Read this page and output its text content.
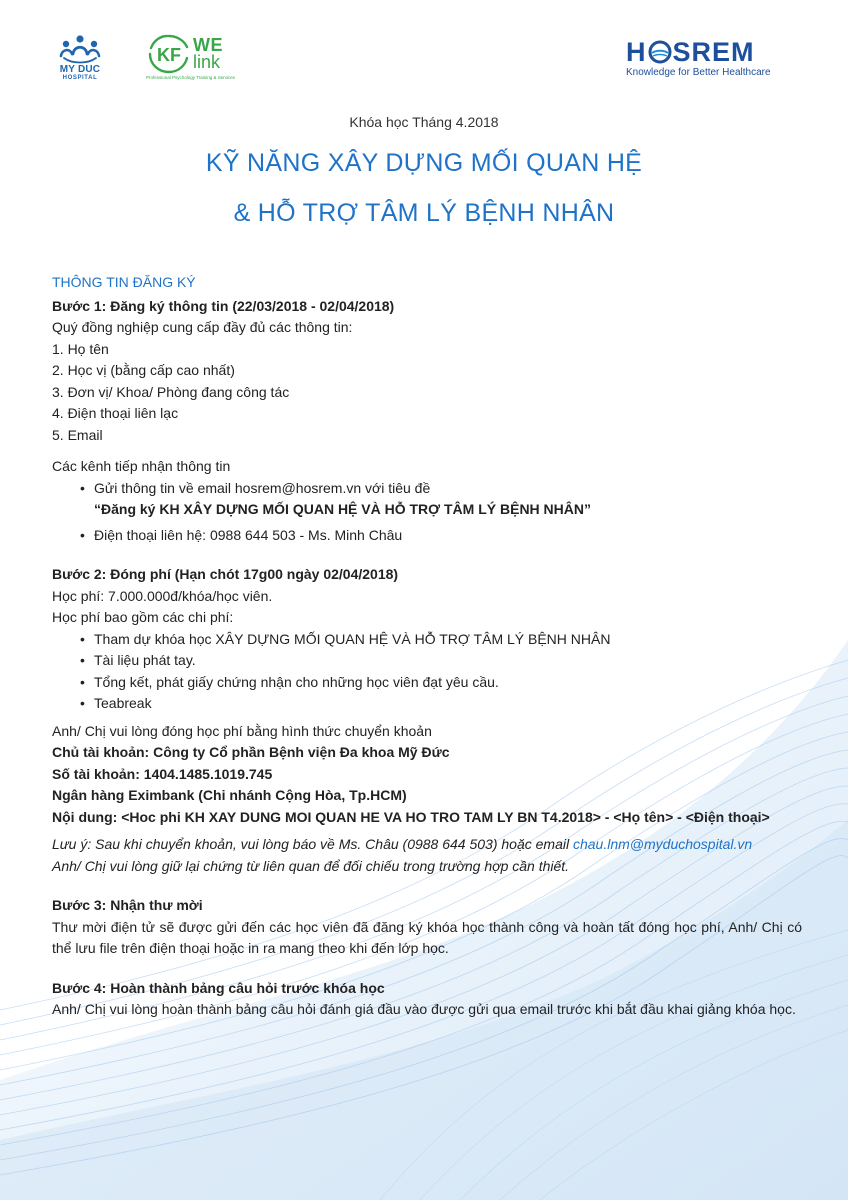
MY DUC
HOSPITAL
KF WE
link
Professional Psychology Training & Services
H SREM
Knowledge for Better Healthcare
Khóa học Tháng 4.2018
KỸ NĂNG XÂY DỰNG MỐI QUAN HỆ
& HỖ TRỢ TÂM LÝ BỆNH NHÂN
THÔNG TIN ĐĂNG KÝ
Bước 1: Đăng ký thông tin (22/03/2018 - 02/04/2018)
Quý đồng nghiệp cung cấp đầy đủ các thông tin:
1. Họ tên
2. Học vị (bằng cấp cao nhất)
3. Đơn vị/ Khoa/ Phòng đang công tác
4. Điện thoại liên lạc
5. Email
Các kênh tiếp nhận thông tin
• Gửi thông tin về email hosrem@hosrem.vn với tiêu đề
“Đăng ký KH XÂY DỰNG MỐI QUAN HỆ VÀ HỖ TRỢ TÂM LÝ BỆNH NHÂN”
• Điện thoại liên hệ: 0988 644 503 - Ms. Minh Châu
Bước 2: Đóng phí (Hạn chót 17g00 ngày 02/04/2018)
Học phí: 7.000.000đ/khóa/học viên.
Học phí bao gồm các chi phí:
• Tham dự khóa học XÂY DỰNG MỐI QUAN HỆ VÀ HỖ TRỢ TÂM LÝ BỆNH NHÂN
• Tài liệu phát tay.
• Tổng kết, phát giấy chứng nhận cho những học viên đạt yêu cầu.
• Teabreak
Anh/ Chị vui lòng đóng học phí bằng hình thức chuyển khoản
Chủ tài khoản: Công ty Cổ phần Bệnh viện Đa khoa Mỹ Đức
Số tài khoản: 1404.1485.1019.745
Ngân hàng Eximbank (Chi nhánh Cộng Hòa, Tp.HCM)
Nội dung: <Hoc phi KH XAY DUNG MOI QUAN HE VA HO TRO TAM LY BN T4.2018> - <Họ tên> - <Điện thoại>
Lưu ý: Sau khi chuyển khoản, vui lòng báo về Ms. Châu (0988 644 503) hoặc email chau.lnm@myduchospital.vn
Anh/ Chị vui lòng giữ lại chứng từ liên quan để đối chiếu trong trường hợp cần thiết.
Bước 3: Nhận thư mời
Thư mời điện tử sẽ được gửi đến các học viên đã đăng ký khóa học thành công và hoàn tất đóng học phí, Anh/ Chị có thể lưu file trên điện thoại hoặc in ra mang theo khi đến lớp học.
Bước 4: Hoàn thành bảng câu hỏi trước khóa học
Anh/ Chị vui lòng hoàn thành bảng câu hỏi đánh giá đầu vào được gửi qua email trước khi bắt đầu khai giảng khóa học.
